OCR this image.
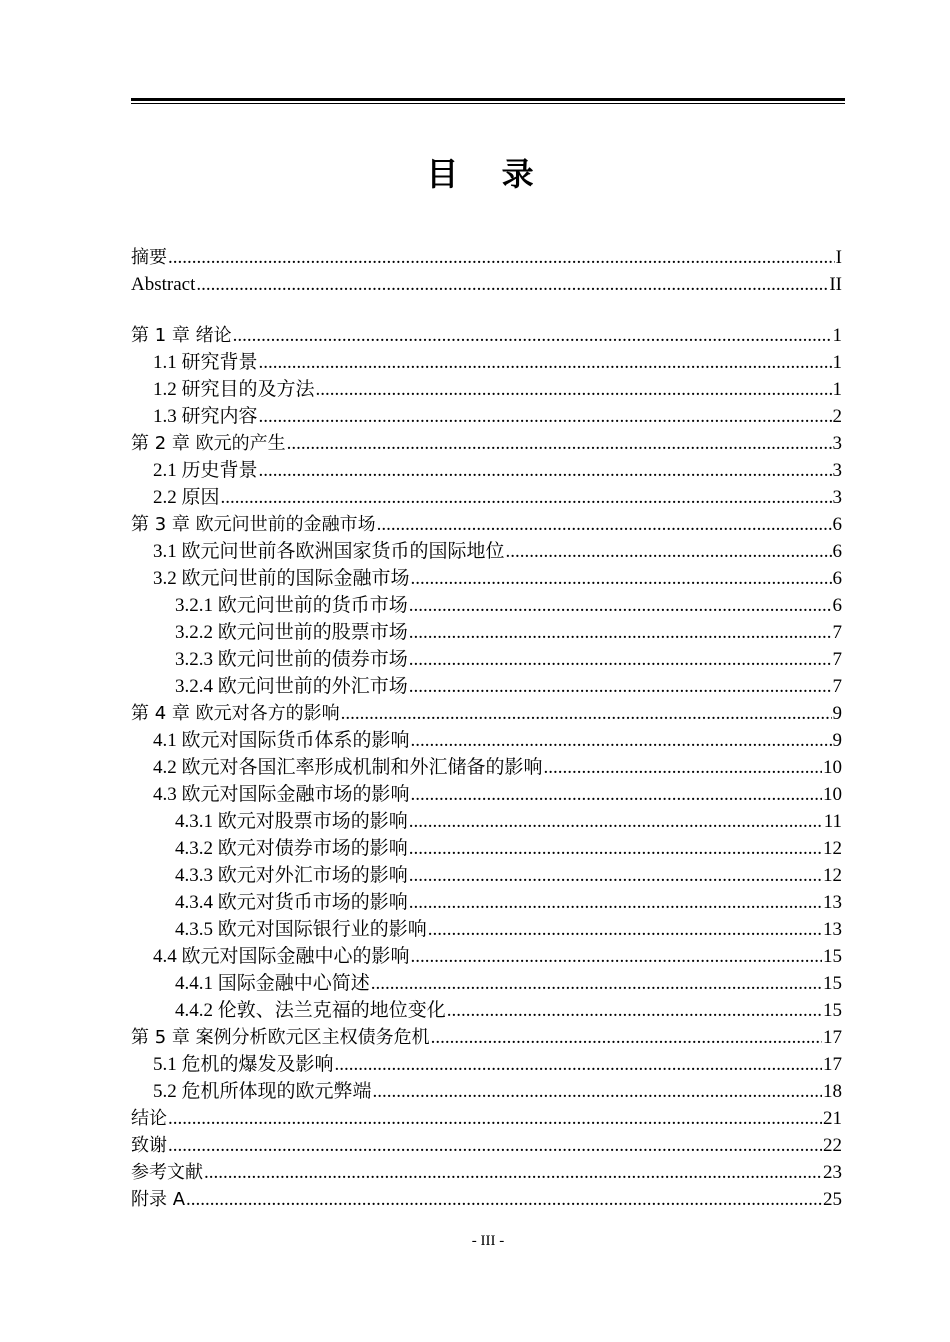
目 录
摘要 .....	I
Abstract .....	II
第 1 章 绪论 .....	1
1.1 研究背景 .....	1
1.2 研究目的及方法 .....	1
1.3 研究内容 .....	2
第 2 章 欧元的产生 .....	3
2.1 历史背景 .....	3
2.2 原因 .....	3
第 3 章 欧元问世前的金融市场 .....	6
3.1 欧元问世前各欧洲国家货币的国际地位 .....	6
3.2 欧元问世前的国际金融市场 .....	6
3.2.1 欧元问世前的货币市场 .....	6
3.2.2 欧元问世前的股票市场 .....	7
3.2.3 欧元问世前的债券市场 .....	7
3.2.4 欧元问世前的外汇市场 .....	7
第 4 章 欧元对各方的影响 .....	9
4.1 欧元对国际货币体系的影响 .....	9
4.2 欧元对各国汇率形成机制和外汇储备的影响 .....	10
4.3 欧元对国际金融市场的影响 .....	10
4.3.1 欧元对股票市场的影响 .....	11
4.3.2 欧元对债券市场的影响 .....	12
4.3.3 欧元对外汇市场的影响 .....	12
4.3.4 欧元对货币市场的影响 .....	13
4.3.5 欧元对国际银行业的影响 .....	13
4.4 欧元对国际金融中心的影响 .....	15
4.4.1 国际金融中心简述 .....	15
4.4.2 伦敦、法兰克福的地位变化 .....	15
第 5 章 案例分析欧元区主权债务危机 .....	17
5.1 危机的爆发及影响 .....	17
5.2 危机所体现的欧元弊端 .....	18
结论 .....	21
致谢 .....	22
参考文献 .....	23
附录 A .....	25
- III -
